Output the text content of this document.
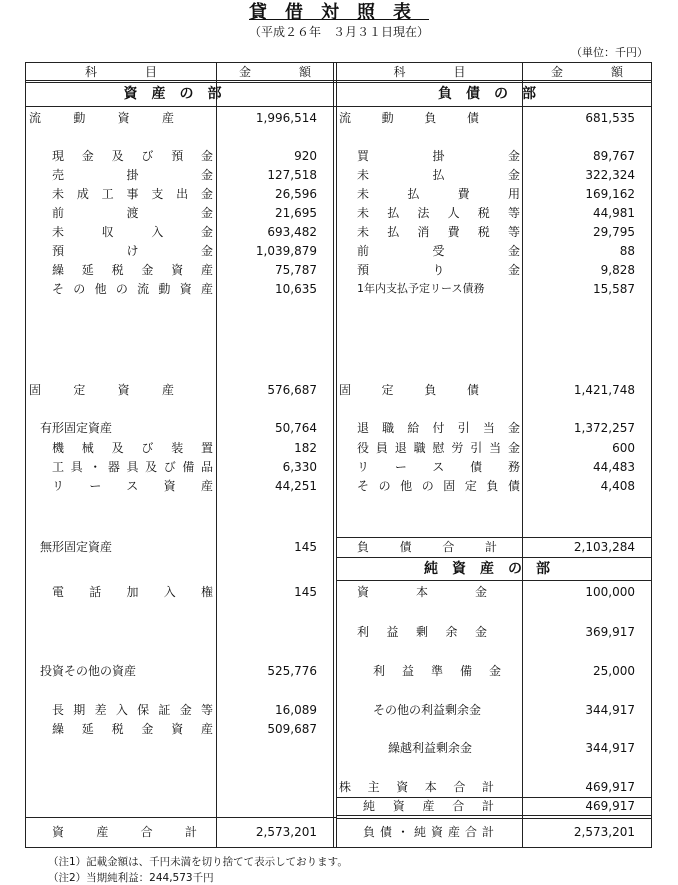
貸借対照表
（平成２６年　３月３１日現在）
（単位：千円）
科　　　　目	金　　　　額	科　　　　目	金　　　　額
資産の部	負債の部
純資産の部
流動資産	1,996,514
現金及び預金	920
売掛金	127,518
未成工事支出金	26,596
前渡金	21,695
未収入金	693,482
預け金	1,039,879
繰延税金資産	75,787
その他の流動資産	10,635
固定資産	576,687
有形固定資産	50,764
機械及び装置	182
工具・器具及び備品	6,330
リース資産	44,251
無形固定資産	145
電話加入権	145
投資その他の資産	525,776
長期差入保証金等	16,089
繰延税金資産	509,687
資産合計	2,573,201
流動負債	681,535
買掛金	89,767
未払金	322,324
未払費用	169,162
未払法人税等	44,981
未払消費税等	29,795
前受金	88
預り金	9,828
1年内支払予定リース債務	15,587
固定負債	1,421,748
退職給付引当金	1,372,257
役員退職慰労引当金	600
リース債務	44,483
その他の固定負債	4,408
負債合計	2,103,284
資本金	100,000
利益剰余金	369,917
利益準備金	25,000
その他の利益剰余金	344,917
繰越利益剰余金	344,917
株主資本合計	469,917
純資産合計	469,917
負債・純資産合計	2,573,201
（注1）記載金額は、千円未満を切り捨てて表示しております。
（注2）当期純利益：244,573千円
